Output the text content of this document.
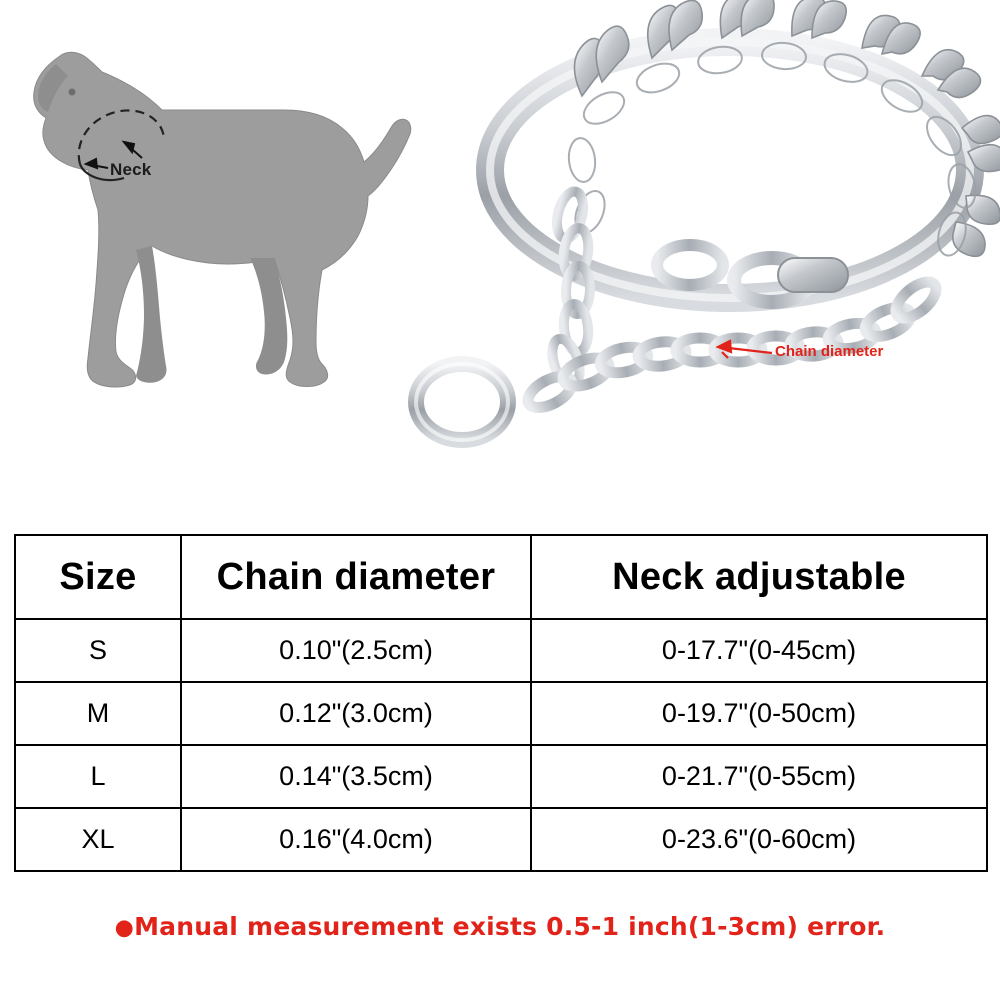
Neck
Chain diameter
Size	Chain diameter	Neck adjustable
S	0.10"(2.5cm)	0-17.7"(0-45cm)
M	0.12"(3.0cm)	0-19.7"(0-50cm)
L	0.14"(3.5cm)	0-21.7"(0-55cm)
XL	0.16"(4.0cm)	0-23.6"(0-60cm)
●Manual measurement exists 0.5-1 inch(1-3cm) error.
